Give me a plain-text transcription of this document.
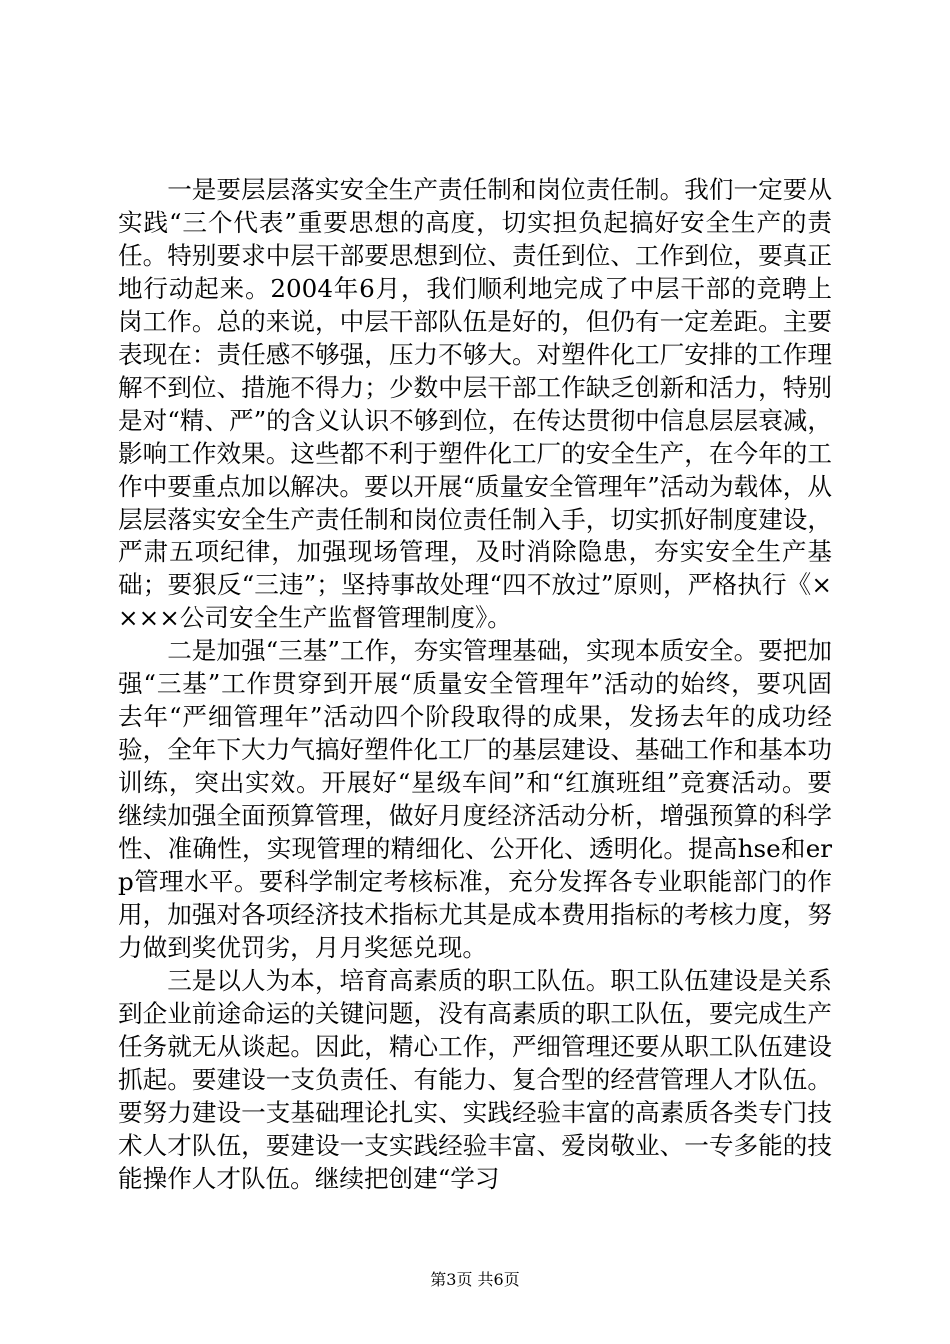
一是要层层落实安全生产责任制和岗位责任制。我们一定要从实践“三个代表”重要思想的高度，切实担负起搞好安全生产的责任。特别要求中层干部要思想到位、责任到位、工作到位，要真正地行动起来。2004年6月，我们顺利地完成了中层干部的竞聘上岗工作。总的来说，中层干部队伍是好的，但仍有一定差距。主要表现在：责任感不够强，压力不够大。对塑件化工厂安排的工作理解不到位、措施不得力；少数中层干部工作缺乏创新和活力，特别是对“精、严”的含义认识不够到位，在传达贯彻中信息层层衰减，影响工作效果。这些都不利于塑件化工厂的安全生产，在今年的工作中要重点加以解决。要以开展“质量安全管理年”活动为载体，从层层落实安全生产责任制和岗位责任制入手，切实抓好制度建设，严肃五项纪律，加强现场管理，及时消除隐患，夯实安全生产基础；要狠反“三违”；坚持事故处理“四不放过”原则，严格执行《××××公司安全生产监督管理制度》。

二是加强“三基”工作，夯实管理基础，实现本质安全。要把加强“三基”工作贯穿到开展“质量安全管理年”活动的始终，要巩固去年“严细管理年”活动四个阶段取得的成果，发扬去年的成功经验，全年下大力气搞好塑件化工厂的基层建设、基础工作和基本功训练，突出实效。开展好“星级车间”和“红旗班组”竞赛活动。要继续加强全面预算管理，做好月度经济活动分析，增强预算的科学性、准确性，实现管理的精细化、公开化、透明化。提高hse和erp管理水平。要科学制定考核标准，充分发挥各专业职能部门的作用，加强对各项经济技术指标尤其是成本费用指标的考核力度，努力做到奖优罚劣，月月奖惩兑现。

三是以人为本，培育高素质的职工队伍。职工队伍建设是关系到企业前途命运的关键问题，没有高素质的职工队伍，要完成生产任务就无从谈起。因此，精心工作，严细管理还要从职工队伍建设抓起。要建设一支负责任、有能力、复合型的经营管理人才队伍。要努力建设一支基础理论扎实、实践经验丰富的高素质各类专门技术人才队伍，要建设一支实践经验丰富、爱岗敬业、一专多能的技能操作人才队伍。继续把创建“学习

第3页 共6页
